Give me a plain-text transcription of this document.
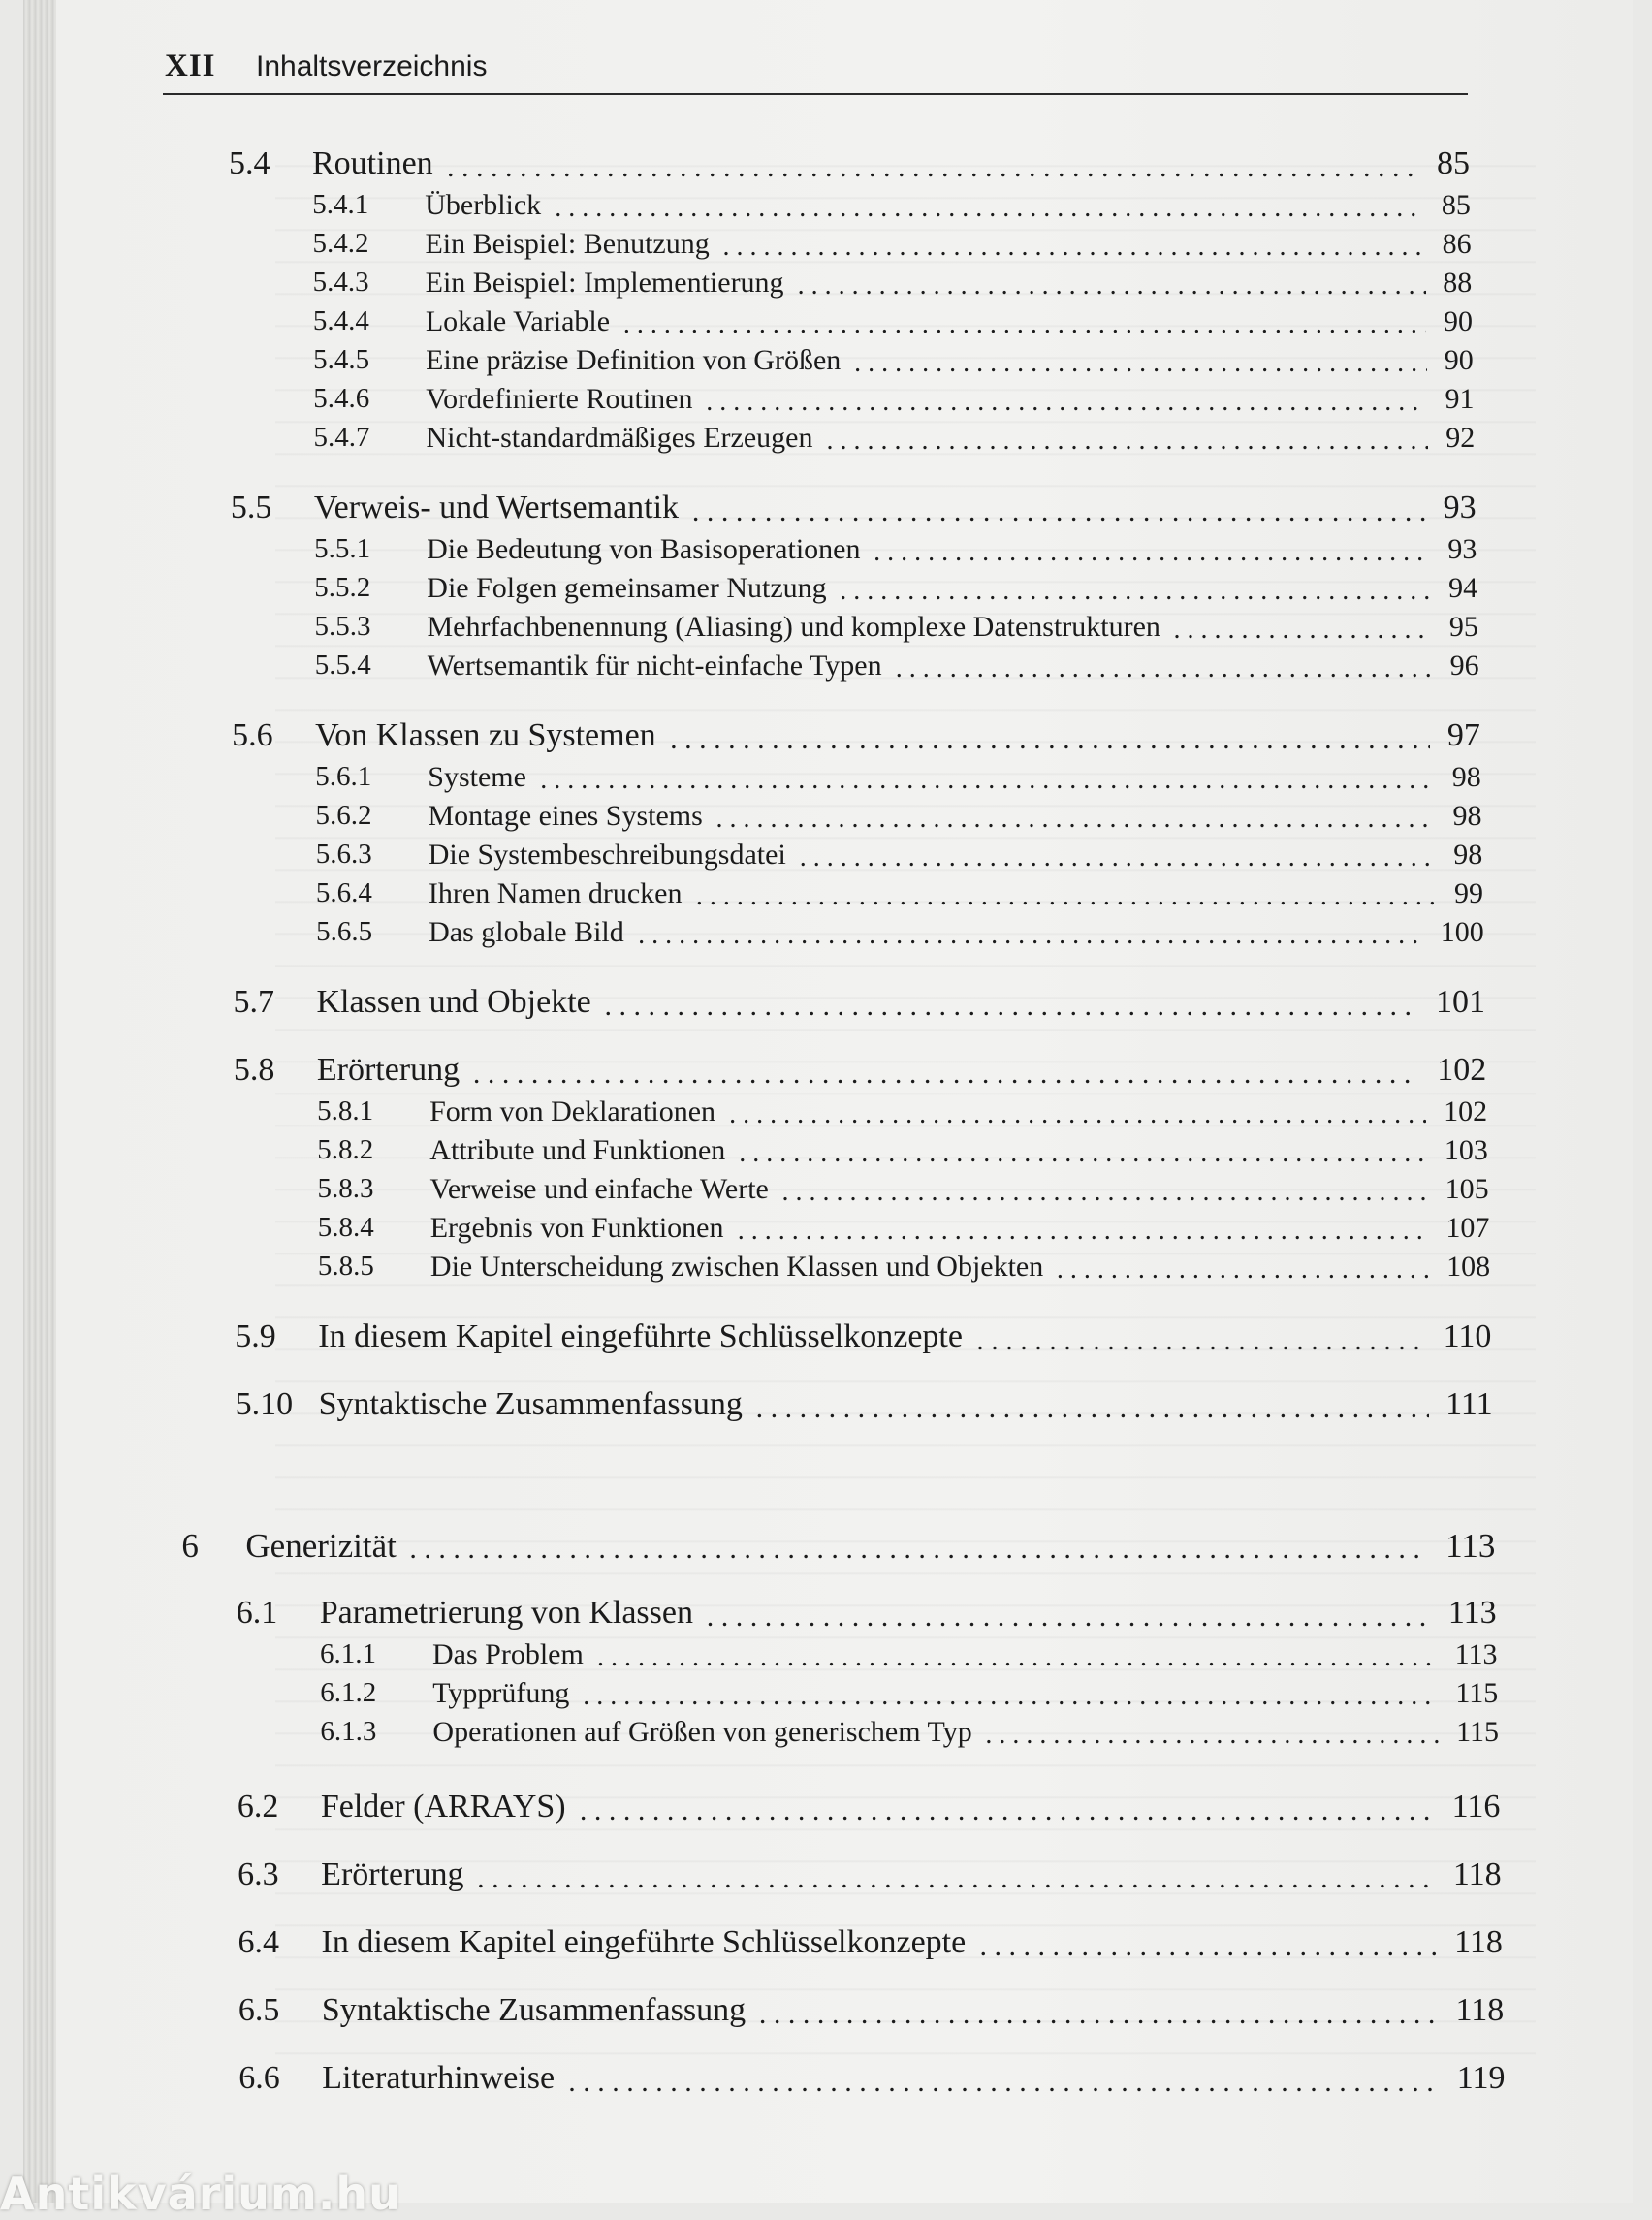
XII Inhaltsverzeichnis
5.4 Routinen . . .	85
5.4.1 Überblick . . .	85
5.4.2 Ein Beispiel: Benutzung . . .	86
5.4.3 Ein Beispiel: Implementierung . . .	88
5.4.4 Lokale Variable . . .	90
5.4.5 Eine präzise Definition von Größen . . .	90
5.4.6 Vordefinierte Routinen . . .	91
5.4.7 Nicht-standardmäßiges Erzeugen . . .	92
5.5 Verweis- und Wertsemantik . . .	93
5.5.1 Die Bedeutung von Basisoperationen . . .	93
5.5.2 Die Folgen gemeinsamer Nutzung . . .	94
5.5.3 Mehrfachbenennung (Aliasing) und komplexe Datenstrukturen . . .	95
5.5.4 Wertsemantik für nicht-einfache Typen . . .	96
5.6 Von Klassen zu Systemen . . .	97
5.6.1 Systeme . . .	98
5.6.2 Montage eines Systems . . .	98
5.6.3 Die Systembeschreibungsdatei . . .	98
5.6.4 Ihren Namen drucken . . .	99
5.6.5 Das globale Bild . . .	100
5.7 Klassen und Objekte . . .	101
5.8 Erörterung . . .	102
5.8.1 Form von Deklarationen . . .	102
5.8.2 Attribute und Funktionen . . .	103
5.8.3 Verweise und einfache Werte . . .	105
5.8.4 Ergebnis von Funktionen . . .	107
5.8.5 Die Unterscheidung zwischen Klassen und Objekten . . .	108
5.9 In diesem Kapitel eingeführte Schlüsselkonzepte . . .	110
5.10 Syntaktische Zusammenfassung . . .	111
6 Generizität . . .	113
6.1 Parametrierung von Klassen . . .	113
6.1.1 Das Problem . . .	113
6.1.2 Typprüfung . . .	115
6.1.3 Operationen auf Größen von generischem Typ . . .	115
6.2 Felder (ARRAYS) . . .	116
6.3 Erörterung . . .	118
6.4 In diesem Kapitel eingeführte Schlüsselkonzepte . . .	118
6.5 Syntaktische Zusammenfassung . . .	118
6.6 Literaturhinweise . . .	119
Antikvárium.hu
